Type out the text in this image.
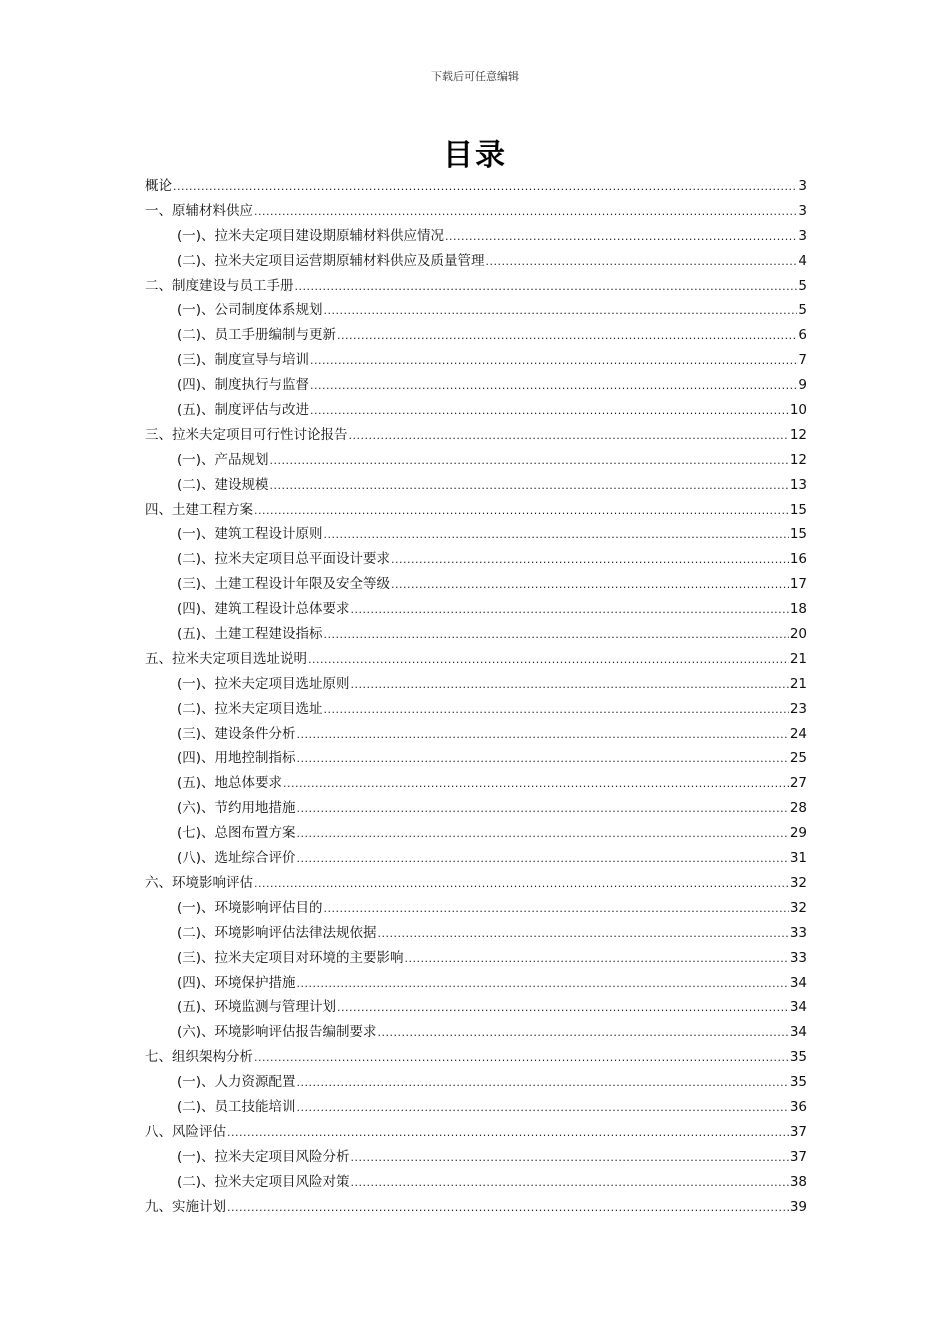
下载后可任意编辑
目录
概论 .....	3
一、原辅材料供应 .....	3
(一)、拉米夫定项目建设期原辅材料供应情况 .....	3
(二)、拉米夫定项目运营期原辅材料供应及质量管理 .....	4
二、制度建设与员工手册 .....	5
(一)、公司制度体系规划 .....	5
(二)、员工手册编制与更新 .....	6
(三)、制度宣导与培训 .....	7
(四)、制度执行与监督 .....	9
(五)、制度评估与改进 .....	10
三、拉米夫定项目可行性讨论报告 .....	12
(一)、产品规划 .....	12
(二)、建设规模 .....	13
四、土建工程方案 .....	15
(一)、建筑工程设计原则 .....	15
(二)、拉米夫定项目总平面设计要求 .....	16
(三)、土建工程设计年限及安全等级 .....	17
(四)、建筑工程设计总体要求 .....	18
(五)、土建工程建设指标 .....	20
五、拉米夫定项目选址说明 .....	21
(一)、拉米夫定项目选址原则 .....	21
(二)、拉米夫定项目选址 .....	23
(三)、建设条件分析 .....	24
(四)、用地控制指标 .....	25
(五)、地总体要求 .....	27
(六)、节约用地措施 .....	28
(七)、总图布置方案 .....	29
(八)、选址综合评价 .....	31
六、环境影响评估 .....	32
(一)、环境影响评估目的 .....	32
(二)、环境影响评估法律法规依据 .....	33
(三)、拉米夫定项目对环境的主要影响 .....	33
(四)、环境保护措施 .....	34
(五)、环境监测与管理计划 .....	34
(六)、环境影响评估报告编制要求 .....	34
七、组织架构分析 .....	35
(一)、人力资源配置 .....	35
(二)、员工技能培训 .....	36
八、风险评估 .....	37
(一)、拉米夫定项目风险分析 .....	37
(二)、拉米夫定项目风险对策 .....	38
九、实施计划 .....	39
